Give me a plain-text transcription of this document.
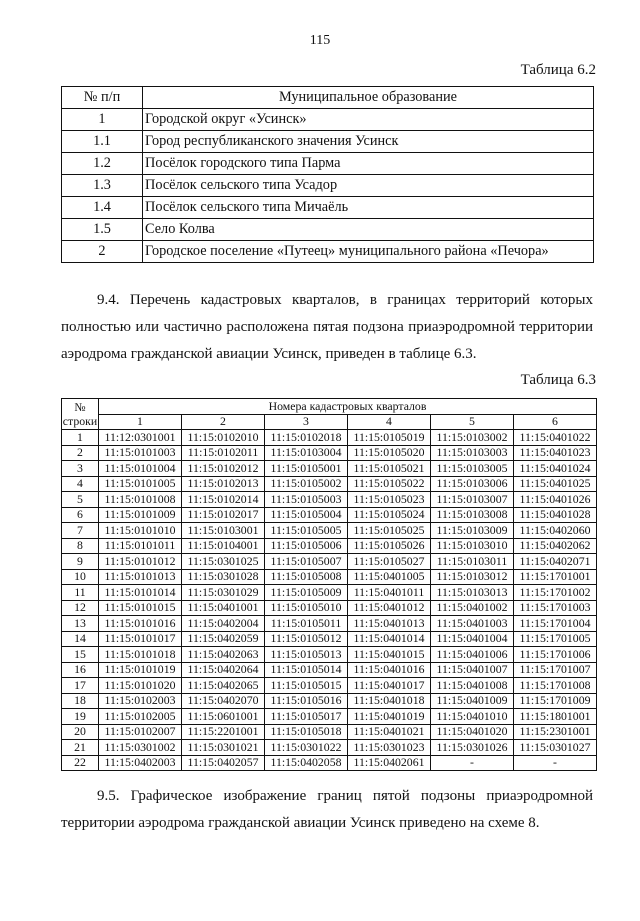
115
Таблица 6.2
№ п/п	Муниципальное образование
1	Городской округ «Усинск»
1.1	Город республиканского значения Усинск
1.2	Посёлок городского типа Парма
1.3	Посёлок сельского типа Усадор
1.4	Посёлок сельского типа Мичаёль
1.5	Село Колва
2	Городское поселение «Путеец» муниципального района «Печора»

9.4. Перечень кадастровых кварталов, в границах территорий которых

полностью или частично расположена пятая подзона приаэродромной территории

аэродрома гражданской авиации Усинск, приведен в таблице 6.3.

Таблица 6.3
№
строки	Номера кадастровых кварталов					
	1	2	3	4	5	6
1	11:12:0301001	11:15:0102010	11:15:0102018	11:15:0105019	11:15:0103002	11:15:0401022
2	11:15:0101003	11:15:0102011	11:15:0103004	11:15:0105020	11:15:0103003	11:15:0401023
3	11:15:0101004	11:15:0102012	11:15:0105001	11:15:0105021	11:15:0103005	11:15:0401024
4	11:15:0101005	11:15:0102013	11:15:0105002	11:15:0105022	11:15:0103006	11:15:0401025
5	11:15:0101008	11:15:0102014	11:15:0105003	11:15:0105023	11:15:0103007	11:15:0401026
6	11:15:0101009	11:15:0102017	11:15:0105004	11:15:0105024	11:15:0103008	11:15:0401028
7	11:15:0101010	11:15:0103001	11:15:0105005	11:15:0105025	11:15:0103009	11:15:0402060
8	11:15:0101011	11:15:0104001	11:15:0105006	11:15:0105026	11:15:0103010	11:15:0402062
9	11:15:0101012	11:15:0301025	11:15:0105007	11:15:0105027	11:15:0103011	11:15:0402071
10	11:15:0101013	11:15:0301028	11:15:0105008	11:15:0401005	11:15:0103012	11:15:1701001
11	11:15:0101014	11:15:0301029	11:15:0105009	11:15:0401011	11:15:0103013	11:15:1701002
12	11:15:0101015	11:15:0401001	11:15:0105010	11:15:0401012	11:15:0401002	11:15:1701003
13	11:15:0101016	11:15:0402004	11:15:0105011	11:15:0401013	11:15:0401003	11:15:1701004
14	11:15:0101017	11:15:0402059	11:15:0105012	11:15:0401014	11:15:0401004	11:15:1701005
15	11:15:0101018	11:15:0402063	11:15:0105013	11:15:0401015	11:15:0401006	11:15:1701006
16	11:15:0101019	11:15:0402064	11:15:0105014	11:15:0401016	11:15:0401007	11:15:1701007
17	11:15:0101020	11:15:0402065	11:15:0105015	11:15:0401017	11:15:0401008	11:15:1701008
18	11:15:0102003	11:15:0402070	11:15:0105016	11:15:0401018	11:15:0401009	11:15:1701009
19	11:15:0102005	11:15:0601001	11:15:0105017	11:15:0401019	11:15:0401010	11:15:1801001
20	11:15:0102007	11:15:2201001	11:15:0105018	11:15:0401021	11:15:0401020	11:15:2301001
21	11:15:0301002	11:15:0301021	11:15:0301022	11:15:0301023	11:15:0301026	11:15:0301027
22	11:15:0402003	11:15:0402057	11:15:0402058	11:15:0402061	-	-

9.5. Графическое изображение границ пятой подзоны приаэродромной

территории аэродрома гражданской авиации Усинск приведено на схеме 8.
